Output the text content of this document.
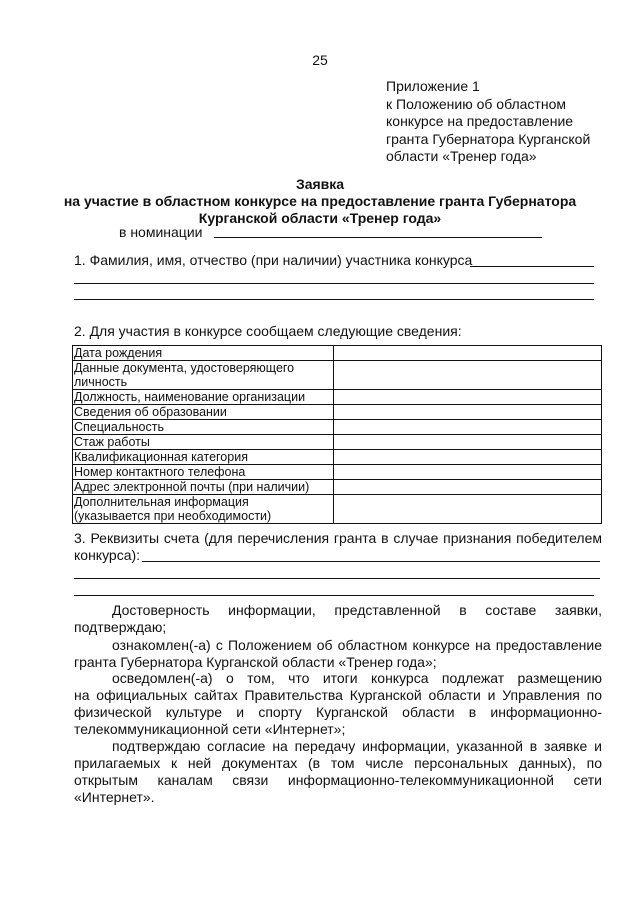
25
Приложение 1
к Положению об областном
конкурсе на предоставление
гранта Губернатора Курганской
области «Тренер года»
Заявка
на участие в областном конкурсе на предоставление гранта Губернатора
Курганской области «Тренер года»
в номинации
1. Фамилия, имя, отчество (при наличии) участника конкурса
2. Для участия в конкурсе сообщаем следующие сведения:
Дата рождения	
Данные документа, удостоверяющего
личность	
Должность, наименование организации	
Сведения об образовании	
Специальность	
Стаж работы	
Квалификационная категория	
Номер контактного телефона	
Адрес электронной почты (при наличии)	
Дополнительная информация
(указывается при необходимости)	
3. Реквизиты счета (для перечисления гранта в случае признания победителем
конкурса):
Достоверность информации, представленной в составе заявки,
подтверждаю;
ознакомлен(-а) с Положением об областном конкурсе на предоставление
гранта Губернатора Курганской области «Тренер года»;
осведомлен(-а) о том, что итоги конкурса подлежат размещению
на официальных сайтах Правительства Курганской области и Управления по
физической культуре и спорту Курганской области в информационно-
телекоммуникационной сети «Интернет»;
подтверждаю согласие на передачу информации, указанной в заявке и
прилагаемых к ней документах (в том числе персональных данных), по
открытым каналам связи информационно-телекоммуникационной сети
«Интернет».
